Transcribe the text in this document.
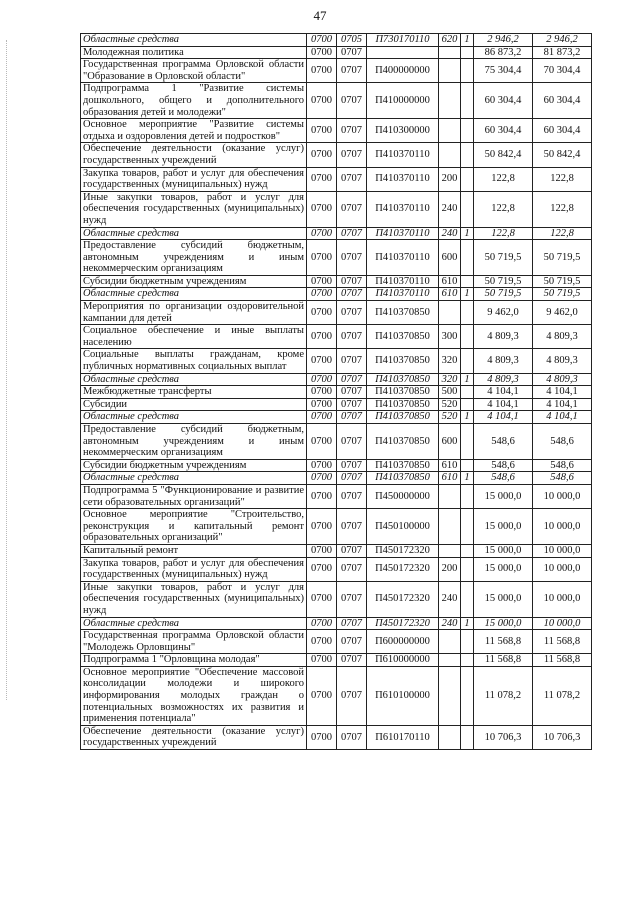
47
Областные средства	0700	0705	П730170110	620	1	2 946,2	2 946,2
Молодежная политика	0700	0707				86 873,2	81 873,2
Государственная программа Орловской области "Образование в Орловской области"	0700	0707	П400000000			75 304,4	70 304,4
Подпрограмма 1 "Развитие системы дошкольного, общего и дополнительного образования детей и молодежи"	0700	0707	П410000000			60 304,4	60 304,4
Основное мероприятие "Развитие системы отдыха и оздоровления детей и подростков"	0700	0707	П410300000			60 304,4	60 304,4
Обеспечение деятельности (оказание услуг) государственных учреждений	0700	0707	П410370110			50 842,4	50 842,4
Закупка товаров, работ и услуг для обеспечения государственных (муниципальных) нужд	0700	0707	П410370110	200		122,8	122,8
Иные закупки товаров, работ и услуг для обеспечения государственных (муниципальных) нужд	0700	0707	П410370110	240		122,8	122,8
Областные средства	0700	0707	П410370110	240	1	122,8	122,8
Предоставление субсидий бюджетным, автономным учреждениям и иным некоммерческим организациям	0700	0707	П410370110	600		50 719,5	50 719,5
Субсидии бюджетным учреждениям	0700	0707	П410370110	610		50 719,5	50 719,5
Областные средства	0700	0707	П410370110	610	1	50 719,5	50 719,5
Мероприятия по организации оздоровительной кампании для детей	0700	0707	П410370850			9 462,0	9 462,0
Социальное обеспечение и иные выплаты населению	0700	0707	П410370850	300		4 809,3	4 809,3
Социальные выплаты гражданам, кроме публичных нормативных социальных выплат	0700	0707	П410370850	320		4 809,3	4 809,3
Областные средства	0700	0707	П410370850	320	1	4 809,3	4 809,3
Межбюджетные трансферты	0700	0707	П410370850	500		4 104,1	4 104,1
Субсидии	0700	0707	П410370850	520		4 104,1	4 104,1
Областные средства	0700	0707	П410370850	520	1	4 104,1	4 104,1
Предоставление субсидий бюджетным, автономным учреждениям и иным некоммерческим организациям	0700	0707	П410370850	600		548,6	548,6
Субсидии бюджетным учреждениям	0700	0707	П410370850	610		548,6	548,6
Областные средства	0700	0707	П410370850	610	1	548,6	548,6
Подпрограмма 5 "Функционирование и развитие сети образовательных организаций"	0700	0707	П450000000			15 000,0	10 000,0
Основное мероприятие "Строительство, реконструкция и капитальный ремонт образовательных организаций"	0700	0707	П450100000			15 000,0	10 000,0
Капитальный ремонт	0700	0707	П450172320			15 000,0	10 000,0
Закупка товаров, работ и услуг для обеспечения государственных (муниципальных) нужд	0700	0707	П450172320	200		15 000,0	10 000,0
Иные закупки товаров, работ и услуг для обеспечения государственных (муниципальных) нужд	0700	0707	П450172320	240		15 000,0	10 000,0
Областные средства	0700	0707	П450172320	240	1	15 000,0	10 000,0
Государственная программа Орловской области "Молодежь Орловщины"	0700	0707	П600000000			11 568,8	11 568,8
Подпрограмма 1 "Орловщина молодая"	0700	0707	П610000000			11 568,8	11 568,8
Основное мероприятие "Обеспечение массовой консолидации молодежи и широкого информирования молодых граждан о потенциальных возможностях их развития и применения потенциала"	0700	0707	П610100000			11 078,2	11 078,2
Обеспечение деятельности (оказание услуг) государственных учреждений	0700	0707	П610170110			10 706,3	10 706,3
